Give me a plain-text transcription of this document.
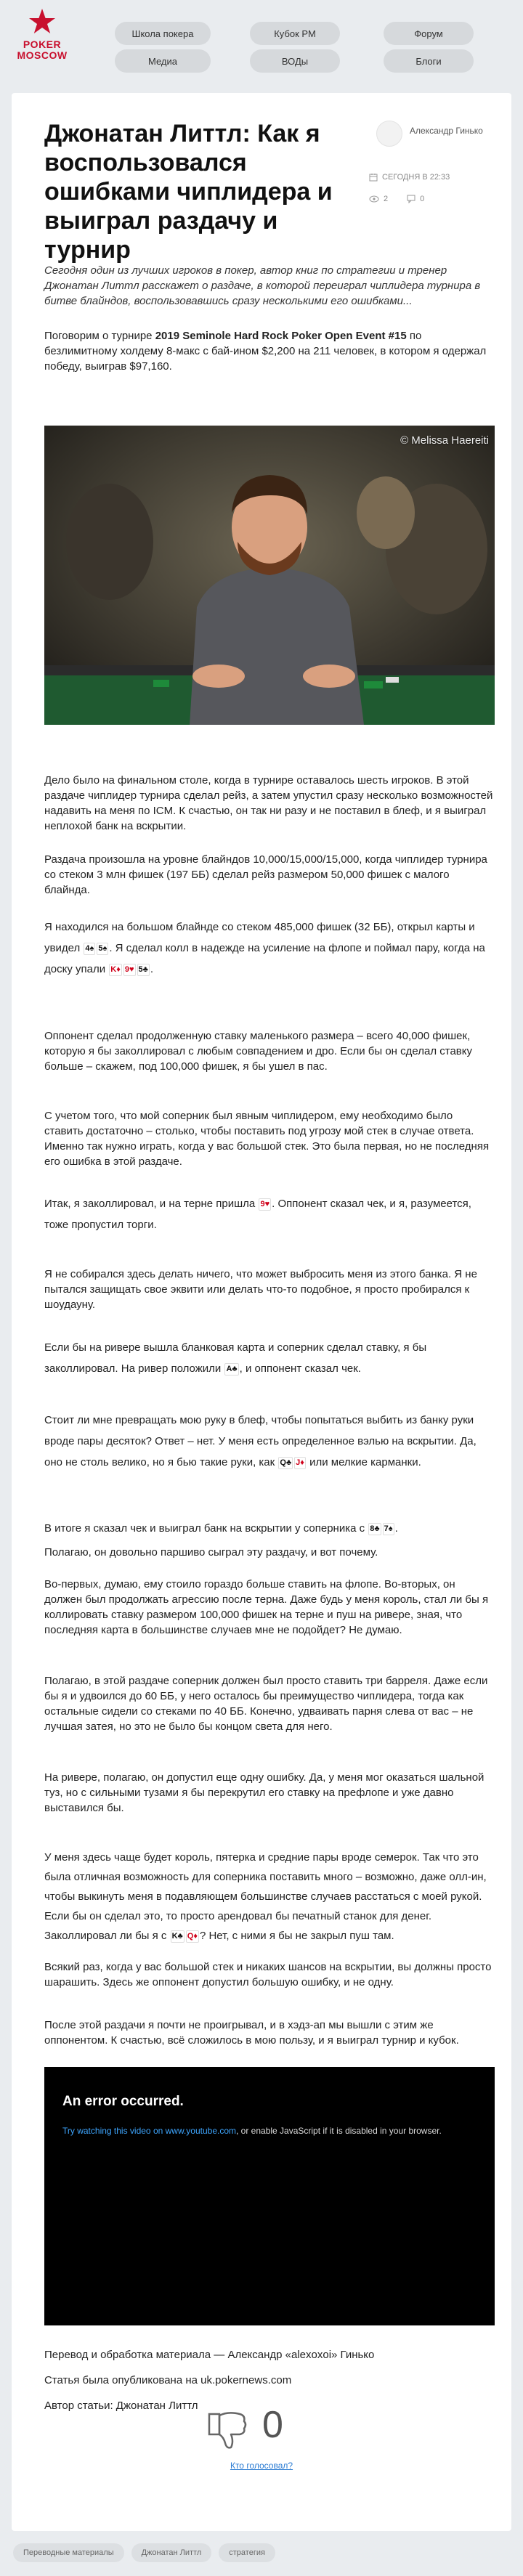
POKER
MOSCOW
Школа покера	Кубок РМ	Форум
Медиа	ВОДы	Блоги
Джонатан Литтл: Как я воспользовался ошибками чиплидера и выиграл раздачу и турнир
Александр Гинько
СЕГОДНЯ В 22:33
2	0

Сегодня один из лучших игроков в покер, автор книг по стратегии и тренер Джонатан Литтл расскажет о раздаче, в которой переиграл чиплидера турнира в битве блайндов, воспользовавшись сразу несколькими его ошибками...

Поговорим о турнире 2019 Seminole Hard Rock Poker Open Event #15 по безлимитному холдему 8-макс с бай-ином $2,200 на 211 человек, в котором я одержал победу, выиграв $97,160.

© Melissa Haereiti

Дело было на финальном столе, когда в турнире оставалось шесть игроков. В этой раздаче чиплидер турнира сделал рейз, а затем упустил сразу несколько возможностей надавить на меня по ICM. К счастью, он так ни разу и не поставил в блеф, и я выиграл неплохой банк на вскрытии.

Раздача произошла на уровне блайндов 10,000/15,000/15,000, когда чиплидер турнира со стеком 3 млн фишек (197 ББ) сделал рейз размером 50,000 фишек с малого блайнда.

Я находился на большом блайнде со стеком 485,000 фишек (32 ББ), открыл карты и увидел 4♠ 5♠ . Я сделал колл в надежде на усиление на флопе и поймал пару, когда на доску упали K♦ 9♥ 5♣ .

Оппонент сделал продолженную ставку маленького размера – всего 40,000 фишек, которую я бы заколлировал с любым совпадением и дро. Если бы он сделал ставку больше – скажем, под 100,000 фишек, я бы ушел в пас.

С учетом того, что мой соперник был явным чиплидером, ему необходимо было ставить достаточно – столько, чтобы поставить под угрозу мой стек в случае ответа. Именно так нужно играть, когда у вас большой стек. Это была первая, но не последняя его ошибка в этой раздаче.

Итак, я заколлировал, и на терне пришла 9♥ . Оппонент сказал чек, и я, разумеется, тоже пропустил торги.

Я не собирался здесь делать ничего, что может выбросить меня из этого банка. Я не пытался защищать свое эквити или делать что-то подобное, я просто пробирался к шоудауну.

Если бы на ривере вышла бланковая карта и соперник сделал ставку, я бы заколлировал. На ривер положили A♣ , и оппонент сказал чек.

Стоит ли мне превращать мою руку в блеф, чтобы попытаться выбить из банку руки вроде пары десяток? Ответ – нет. У меня есть определенное вэлью на вскрытии. Да, оно не столь велико, но я бью такие руки, как Q♣ J♦ или мелкие карманки.

В итоге я сказал чек и выиграл банк на вскрытии у соперника с 8♣ 7♠ .

Полагаю, он довольно паршиво сыграл эту раздачу, и вот почему.

Во-первых, думаю, ему стоило гораздо больше ставить на флопе. Во-вторых, он должен был продолжать агрессию после терна. Даже будь у меня король, стал ли бы я коллировать ставку размером 100,000 фишек на терне и пуш на ривере, зная, что последняя карта в большинстве случаев мне не подойдет? Не думаю.

Полагаю, в этой раздаче соперник должен был просто ставить три барреля. Даже если бы я и удвоился до 60 ББ, у него осталось бы преимущество чиплидера, тогда как остальные сидели со стеками по 40 ББ. Конечно, удваивать парня слева от вас – не лучшая затея, но это не было бы концом света для него.

На ривере, полагаю, он допустил еще одну ошибку. Да, у меня мог оказаться шальной туз, но с сильными тузами я бы перекрутил его ставку на префлопе и уже давно выставился бы.

У меня здесь чаще будет король, пятерка и средние пары вроде семерок. Так что это была отличная возможность для соперника поставить много – возможно, даже олл-ин, чтобы выкинуть меня в подавляющем большинстве случаев расстаться с моей рукой. Если бы он сделал это, то просто арендовал бы печатный станок для денег. Заколлировал ли бы я с K♣ Q♦ ? Нет, с ними я бы не закрыл пуш там.

Всякий раз, когда у вас большой стек и никаких шансов на вскрытии, вы должны просто шарашить. Здесь же оппонент допустил большую ошибку, и не одну.

После этой раздачи я почти не проигрывал, и в хэдз-ап мы вышли с этим же оппонентом. К счастью, всё сложилось в мою пользу, и я выиграл турнир и кубок.

An error occurred.
Try watching this video on www.youtube.com, or enable JavaScript if it is disabled in your browser.

Перевод и обработка материала — Александр «alexoxoi» Гинько

Статья была опубликована на uk.pokernews.com

Автор статьи: Джонатан Литтл	0
Кто голосовал?
Переводные материалы	Джонатан Литтл	стратегия
